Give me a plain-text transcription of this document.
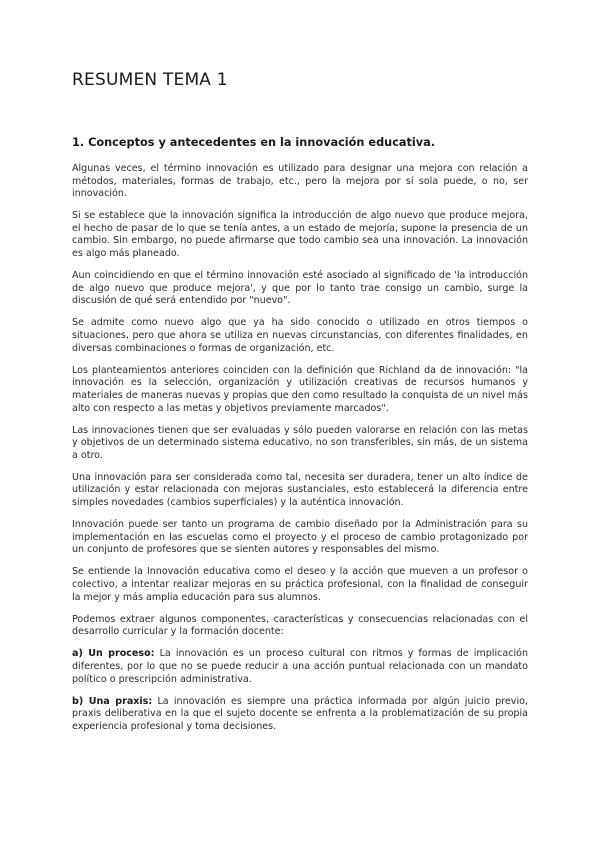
RESUMEN TEMA 1
1. Conceptos y antecedentes en la innovación educativa.

Algunas veces, el término innovación es utilizado para designar una mejora con relación a métodos, materiales, formas de trabajo, etc., pero la mejora por sí sola puede, o no, ser innovación.

Si se establece que la innovación significa la introducción de algo nuevo que produce mejora, el hecho de pasar de lo que se tenía antes, a un estado de mejoría, supone la presencia de un cambio. Sin embargo, no puede afirmarse que todo cambio sea una innovación. La innovación es algo más planeado.

Aun coincidiendo en que el término innovación esté asociado al significado de 'la introducción de algo nuevo que produce mejora', y que por lo tanto trae consigo un cambio, surge la discusión de qué será entendido por "nuevo".

Se admite como nuevo algo que ya ha sido conocido o utilizado en otros tiempos o situaciones, pero que ahora se utiliza en nuevas circunstancias, con diferentes finalidades, en diversas combinaciones o formas de organización, etc.

Los planteamientos anteriores coinciden con la definición que Richland da de innovación: "la innovación es la selección, organización y utilización creativas de recursos humanos y materiales de maneras nuevas y propias que den como resultado la conquista de un nivel más alto con respecto a las metas y objetivos previamente marcados".

Las innovaciones tienen que ser evaluadas y sólo pueden valorarse en relación con las metas y objetivos de un determinado sistema educativo, no son transferibles, sin más, de un sistema a otro.

Una innovación para ser considerada como tal, necesita ser duradera, tener un alto índice de utilización y estar relacionada con mejoras sustanciales, esto establecerá la diferencia entre simples novedades (cambios superficiales) y la auténtica innovación.

Innovación puede ser tanto un programa de cambio diseñado por la Administración para su implementación en las escuelas como el proyecto y el proceso de cambio protagonizado por un conjunto de profesores que se sienten autores y responsables del mismo.

Se entiende la Innovación educativa como el deseo y la acción que mueven a un profesor o colectivo, a intentar realizar mejoras en su práctica profesional, con la finalidad de conseguir la mejor y más amplia educación para sus alumnos.

Podemos extraer algunos componentes, características y consecuencias relacionadas con el desarrollo curricular y la formación docente:

a) Un proceso: La innovación es un proceso cultural con ritmos y formas de implicación diferentes, por lo que no se puede reducir a una acción puntual relacionada con un mandato político o prescripción administrativa.

b) Una praxis: La innovación es siempre una práctica informada por algún juicio previo, praxis deliberativa en la que el sujeto docente se enfrenta a la problematización de su propia experiencia profesional y toma decisiones.
